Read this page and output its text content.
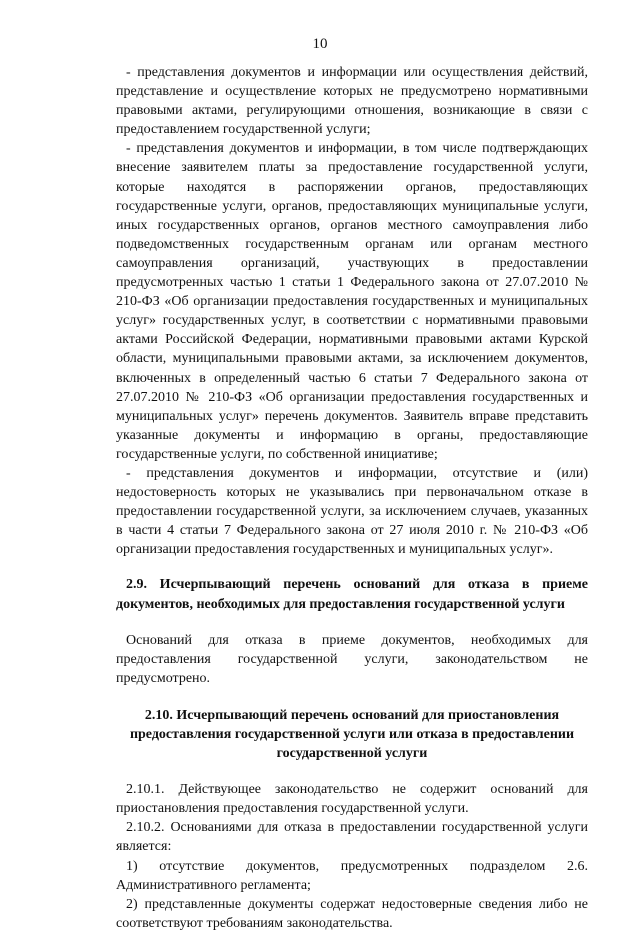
10

- представления документов и информации или осуществления действий, представление и осуществление которых не предусмотрено нормативными правовыми актами, регулирующими отношения, возникающие в связи с предоставлением государственной услуги;

- представления документов и информации, в том числе подтверждающих внесение заявителем платы за предоставление государственной услуги, которые находятся в распоряжении органов, предоставляющих государственные услуги, органов, предоставляющих муниципальные услуги, иных государственных органов, органов местного самоуправления либо подведомственных государственным органам или органам местного самоуправления организаций, участвующих в предоставлении предусмотренных частью 1 статьи 1 Федерального закона от 27.07.2010 № 210-ФЗ «Об организации предоставления государственных и муниципальных услуг» государственных услуг, в соответствии с нормативными правовыми актами Российской Федерации, нормативными правовыми актами Курской области, муниципальными правовыми актами, за исключением документов, включенных в определенный частью 6 статьи 7 Федерального закона от 27.07.2010 № 210-ФЗ «Об организации предоставления государственных и муниципальных услуг» перечень документов. Заявитель вправе представить указанные документы и информацию в органы, предоставляющие государственные услуги, по собственной инициативе;

- представления документов и информации, отсутствие и (или) недостоверность которых не указывались при первоначальном отказе в предоставлении государственной услуги, за исключением случаев, указанных в части 4 статьи 7 Федерального закона от 27 июля 2010 г. № 210-ФЗ «Об организации предоставления государственных и муниципальных услуг».

2.9. Исчерпывающий перечень оснований для отказа в приеме документов, необходимых для предоставления государственной услуги

Оснований для отказа в приеме документов, необходимых для предоставления государственной услуги, законодательством не предусмотрено.

2.10. Исчерпывающий перечень оснований для приостановления предоставления государственной услуги или отказа в предоставлении государственной услуги

2.10.1. Действующее законодательство не содержит оснований для приостановления предоставления государственной услуги.

2.10.2. Основаниями для отказа в предоставлении государственной услуги является:

1) отсутствие документов, предусмотренных подразделом 2.6. Административного регламента;

2) представленные документы содержат недостоверные сведения либо не соответствуют требованиям законодательства.
